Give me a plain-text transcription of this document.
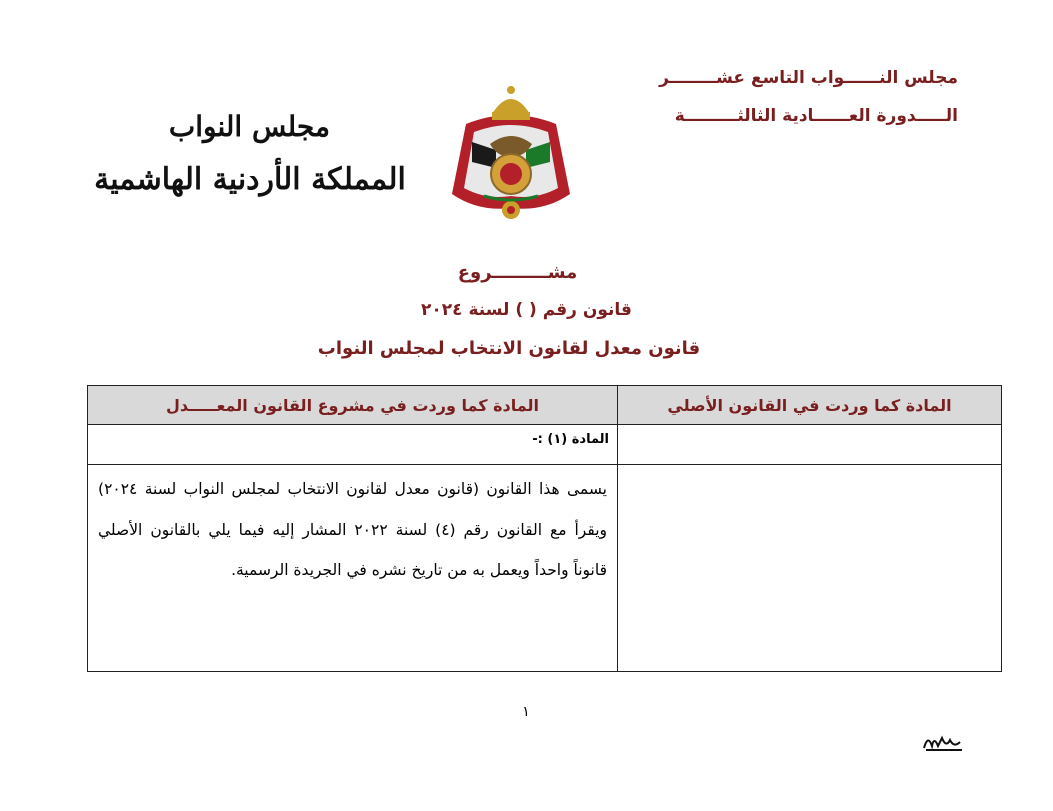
مجلس النــــــواب التاسع عشــــــــر
الـــــدورة العــــــادية الثالثـــــــــة
مجلس النواب
المملكة الأردنية الهاشمية
مشـــــــــروع
قانون رقم ( ) لسنة ٢٠٢٤
قانون معدل لقانون الانتخاب لمجلس النواب
المادة كما وردت في القانون الأصلي	المادة كما وردت في مشروع القانون المعـــــدل
	المادة (١) :-
	يسمى هذا القانون (قانون معدل لقانون الانتخاب لمجلس النواب لسنة ٢٠٢٤) ويقرأ مع القانون رقم (٤) لسنة ٢٠٢٢ المشار إليه فيما يلي بالقانون الأصلي قانوناً واحداً ويعمل به من تاريخ نشره في الجريدة الرسمية.
١
